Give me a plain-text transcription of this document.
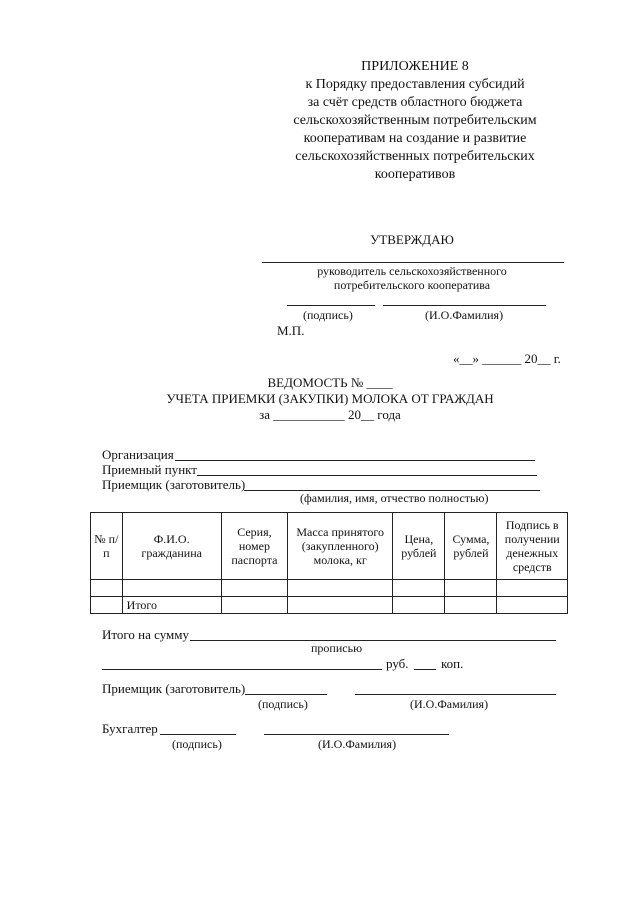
ПРИЛОЖЕНИЕ 8
к Порядку предоставления субсидий
за счёт средств областного бюджета
сельскохозяйственным потребительским
кооперативам на создание и развитие
сельскохозяйственных потребительских
кооперативов
УТВЕРЖДАЮ
руководитель сельскохозяйственного
потребительского кооператива
(подпись)	(И.О.Фамилия)
М.П.
«__» ______ 20__ г.
ВЕДОМОСТЬ № ____
УЧЕТА ПРИЕМКИ (ЗАКУПКИ) МОЛОКА ОТ ГРАЖДАН
за ___________ 20__ года
Организация
Приемный пункт
Приемщик (заготовитель)
(фамилия, имя, отчество полностью)
№ п/п	Ф.И.О. гражданина	Серия, номер паспорта	Масса принятого (закупленного) молока, кг	Цена, рублей	Сумма, рублей	Подпись в получении денежных средств

	Итого					
Итого на сумму
прописью
руб. коп.
Приемщик (заготовитель)
(подпись)	(И.О.Фамилия)
Бухгалтер
(подпись)	(И.О.Фамилия)
